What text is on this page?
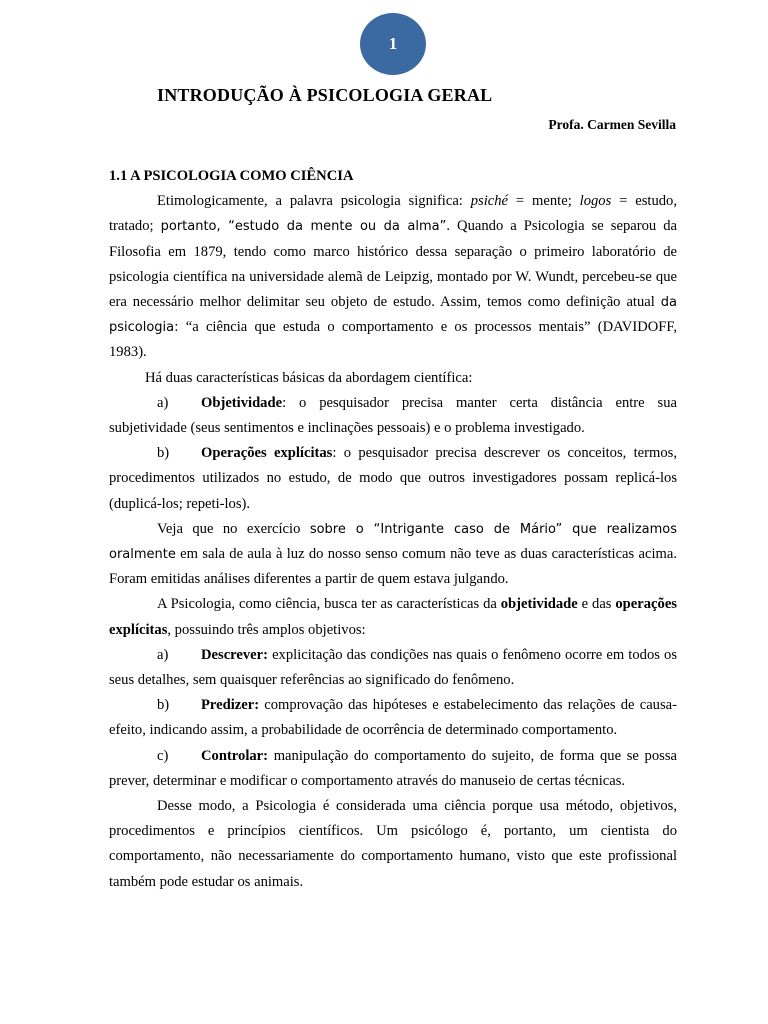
1
INTRODUÇÃO À PSICOLOGIA GERAL
Profa. Carmen Sevilla

1.1 A PSICOLOGIA COMO CIÊNCIA

Etimologicamente, a palavra psicologia significa: psiché = mente; logos = estudo, tratado; portanto, “estudo da mente ou da alma”. Quando a Psicologia se separou da Filosofia em 1879, tendo como marco histórico dessa separação o primeiro laboratório de psicologia científica na universidade alemã de Leipzig, montado por W. Wundt, percebeu-se que era necessário melhor delimitar seu objeto de estudo. Assim, temos como definição atual da psicologia: “a ciência que estuda o comportamento e os processos mentais” (DAVIDOFF, 1983).

Há duas características básicas da abordagem científica:

a) Objetividade: o pesquisador precisa manter certa distância entre sua subjetividade (seus sentimentos e inclinações pessoais) e o problema investigado.

b) Operações explícitas: o pesquisador precisa descrever os conceitos, termos, procedimentos utilizados no estudo, de modo que outros investigadores possam replicá-los (duplicá-los; repeti-los).

Veja que no exercício sobre o “Intrigante caso de Mário” que realizamos oralmente em sala de aula à luz do nosso senso comum não teve as duas características acima. Foram emitidas análises diferentes a partir de quem estava julgando.

A Psicologia, como ciência, busca ter as características da objetividade e das operações explícitas, possuindo três amplos objetivos:

a) Descrever: explicitação das condições nas quais o fenômeno ocorre em todos os seus detalhes, sem quaisquer referências ao significado do fenômeno.

b) Predizer: comprovação das hipóteses e estabelecimento das relações de causa-efeito, indicando assim, a probabilidade de ocorrência de determinado comportamento.

c) Controlar: manipulação do comportamento do sujeito, de forma que se possa prever, determinar e modificar o comportamento através do manuseio de certas técnicas.

Desse modo, a Psicologia é considerada uma ciência porque usa método, objetivos, procedimentos e princípios científicos. Um psicólogo é, portanto, um cientista do comportamento, não necessariamente do comportamento humano, visto que este profissional também pode estudar os animais.
